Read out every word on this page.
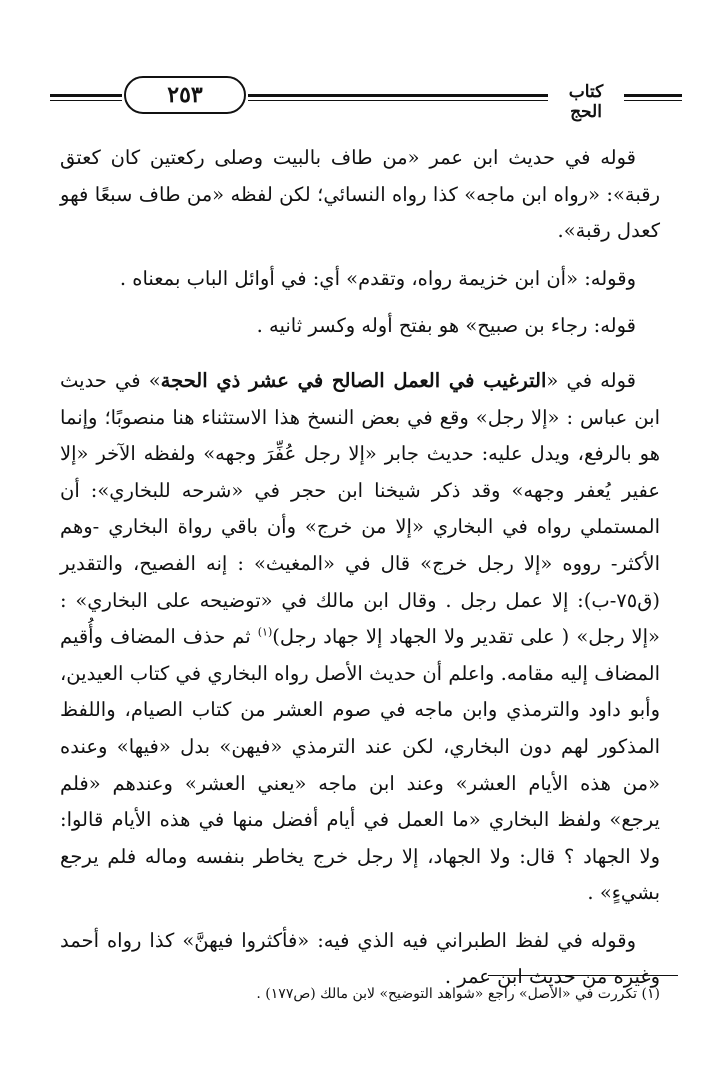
٢٥٣	كتاب الحج

قوله في حديث ابن عمر «من طاف بالبيت وصلى ركعتين كان كعتق رقبة»: «رواه ابن ماجه» كذا رواه النسائي؛ لكن لفظه «من طاف سبعًا فهو كعدل رقبة».

وقوله: «أن ابن خزيمة رواه، وتقدم» أي: في أوائل الباب بمعناه .

قوله: رجاء بن صبيح» هو بفتح أوله وكسر ثانيه .

قوله في «الترغيب في العمل الصالح في عشر ذي الحجة» في حديث ابن عباس : «إلا رجل» وقع في بعض النسخ هذا الاستثناء هنا منصوبًا؛ وإنما هو بالرفع، ويدل عليه: حديث جابر «إلا رجل عُفِّرَ وجهه» ولفظه الآخر «إلا عفير يُعفر وجهه» وقد ذكر شيخنا ابن حجر في «شرحه للبخاري»: أن المستملي رواه في البخاري «إلا من خرج» وأن باقي رواة البخاري -وهم الأكثر- رووه «إلا رجل خرج» قال في «المغيث» : إنه الفصيح، والتقدير (ق٧٥-ب): إلا عمل رجل . وقال ابن مالك في «توضيحه على البخاري» : «إلا رجل» ( على تقدير ولا الجهاد إلا جهاد رجل)$^{(١)}$ ثم حذف المضاف وأُقيم المضاف إليه مقامه. واعلم أن حديث الأصل رواه البخاري في كتاب العيدين، وأبو داود والترمذي وابن ماجه في صوم العشر من كتاب الصيام، واللفظ المذكور لهم دون البخاري، لكن عند الترمذي «فيهن» بدل «فيها» وعنده «من هذه الأيام العشر» وعند ابن ماجه «يعني العشر» وعندهم «فلم يرجع» ولفظ البخاري «ما العمل في أيام أفضل منها في هذه الأيام قالوا: ولا الجهاد ؟ قال: ولا الجهاد، إلا رجل خرج يخاطر بنفسه وماله فلم يرجع بشيءٍ» .

وقوله في لفظ الطبراني فيه الذي فيه: «فأكثروا فيهنَّ» كذا رواه أحمد وغيره من حديث ابن عمر .

(١) تكررت في «الأصل» راجع «شواهد التوضيح» لابن مالك (ص١٧٧) .
